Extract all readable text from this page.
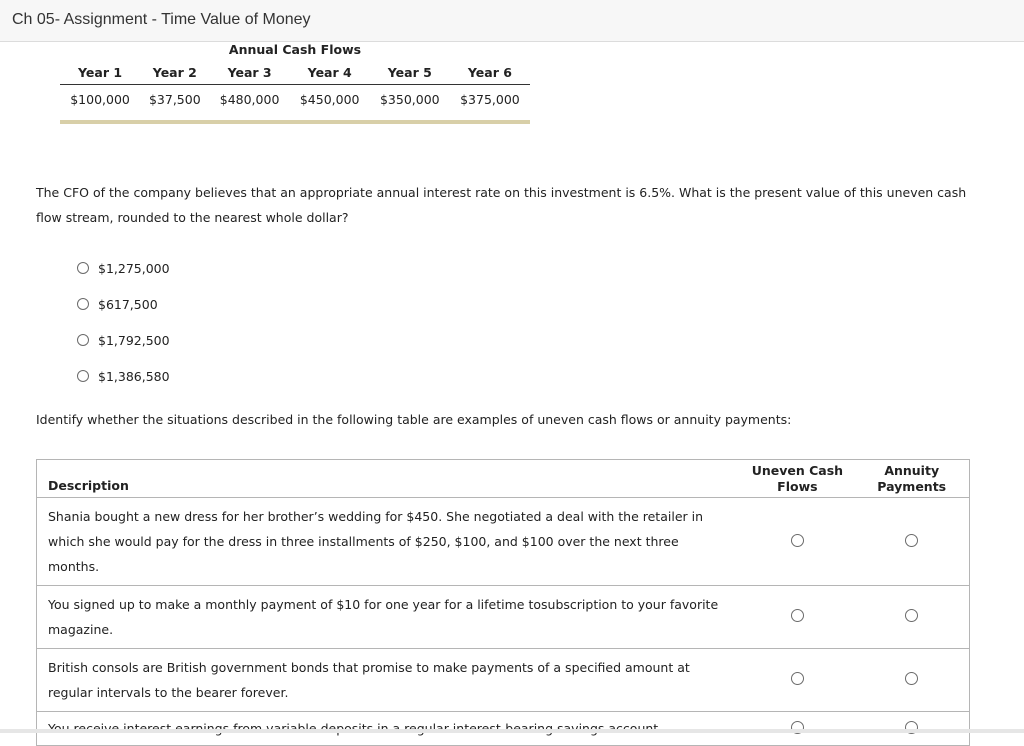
Ch 05- Assignment - Time Value of Money
Annual Cash Flows
Year 1	Year 2	Year 3	Year 4	Year 5	Year 6
$100,000	$37,500	$480,000	$450,000	$350,000	$375,000
The CFO of the company believes that an appropriate annual interest rate on this investment is 6.5%. What is the present value of this uneven cash flow stream, rounded to the nearest whole dollar?
$1,275,000
$617,500
$1,792,500
$1,386,580
Identify whether the situations described in the following table are examples of uneven cash flows or annuity payments:
Description	Uneven Cash Flows	Annuity Payments
Shania bought a new dress for her brother’s wedding for $450. She negotiated a deal with the retailer in which she would pay for the dress in three installments of $250, $100, and $100 over the next three months.		
You signed up to make a monthly payment of $10 for one year for a lifetime tosubscription to your favorite magazine.		
British consols are British government bonds that promise to make payments of a specified amount at regular intervals to the bearer forever.		
